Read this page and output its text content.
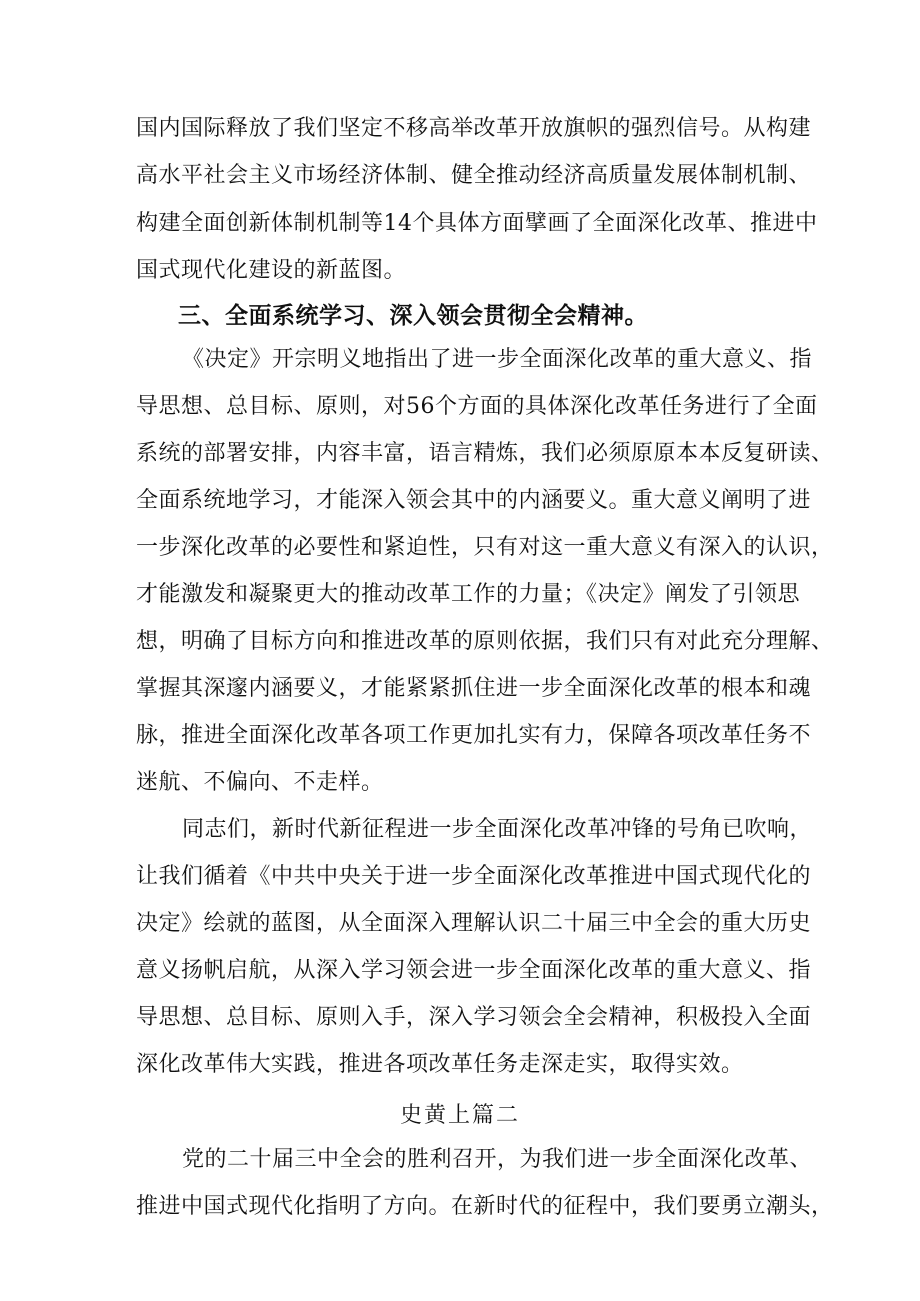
国内国际释放了我们坚定不移高举改革开放旗帜的强烈信号。从构建
高水平社会主义市场经济体制、健全推动经济高质量发展体制机制、
构建全面创新体制机制等14个具体方面擘画了全面深化改革、推进中
国式现代化建设的新蓝图。
三、全面系统学习、深入领会贯彻全会精神。
《决定》开宗明义地指出了进一步全面深化改革的重大意义、指
导思想、总目标、原则，对56个方面的具体深化改革任务进行了全面
系统的部署安排，内容丰富，语言精炼，我们必须原原本本反复研读、
全面系统地学习，才能深入领会其中的内涵要义。重大意义阐明了进
一步深化改革的必要性和紧迫性，只有对这一重大意义有深入的认识，
才能激发和凝聚更大的推动改革工作的力量；《决定》阐发了引领思
想，明确了目标方向和推进改革的原则依据，我们只有对此充分理解、
掌握其深邃内涵要义，才能紧紧抓住进一步全面深化改革的根本和魂
脉，推进全面深化改革各项工作更加扎实有力，保障各项改革任务不
迷航、不偏向、不走样。
同志们，新时代新征程进一步全面深化改革冲锋的号角已吹响，
让我们循着《中共中央关于进一步全面深化改革推进中国式现代化的
决定》绘就的蓝图，从全面深入理解认识二十届三中全会的重大历史
意义扬帆启航，从深入学习领会进一步全面深化改革的重大意义、指
导思想、总目标、原则入手，深入学习领会全会精神，积极投入全面
深化改革伟大实践，推进各项改革任务走深走实，取得实效。
史黄上篇二
党的二十届三中全会的胜利召开，为我们进一步全面深化改革、
推进中国式现代化指明了方向。在新时代的征程中，我们要勇立潮头，
